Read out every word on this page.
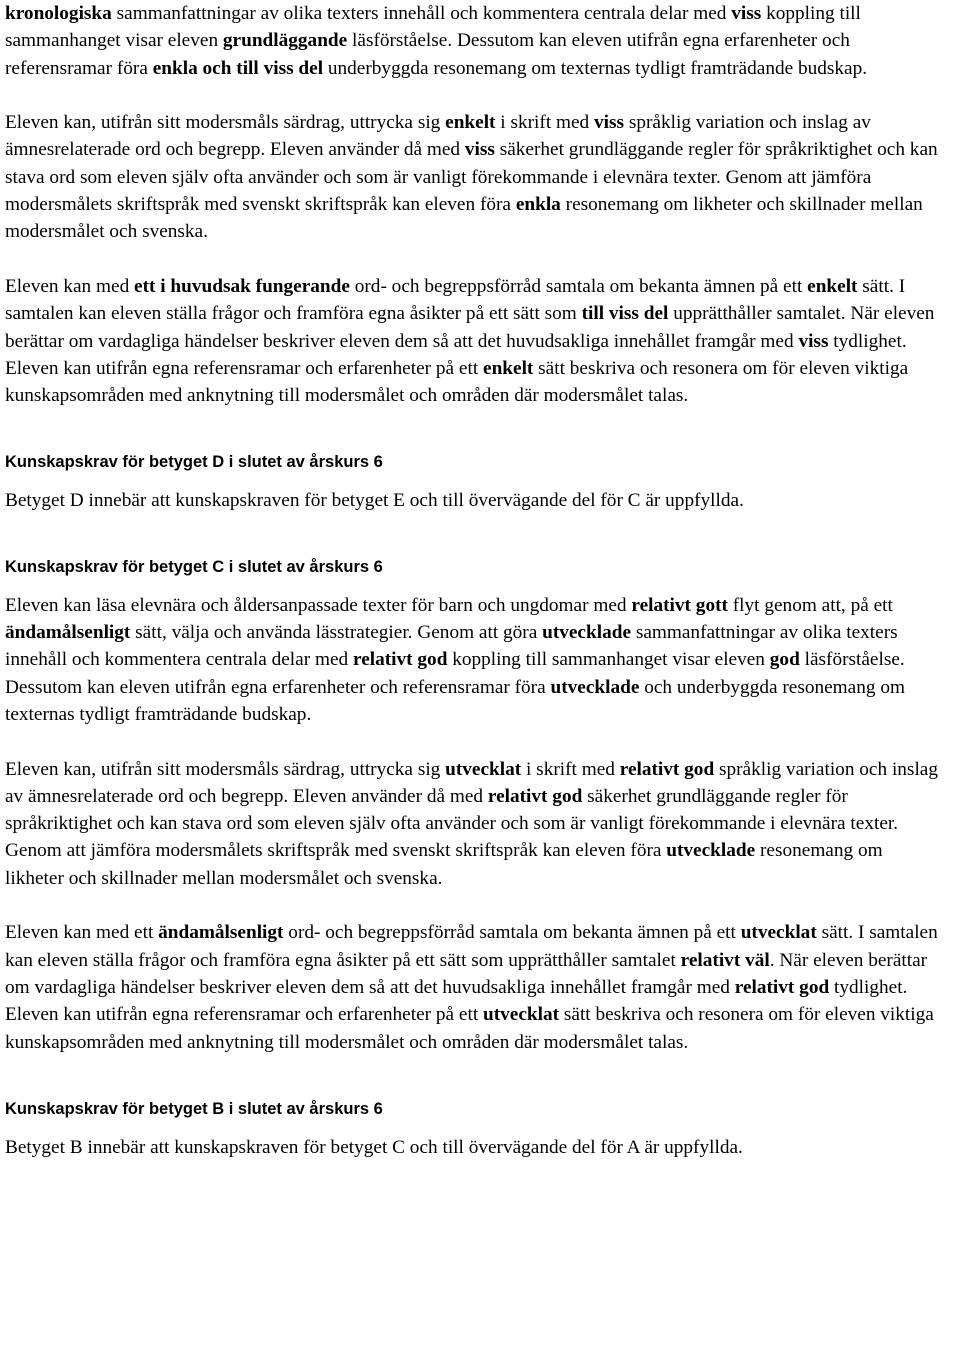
kronologiska sammanfattningar av olika texters innehåll och kommentera centrala delar med viss koppling till sammanhanget visar eleven grundläggande läsförståelse. Dessutom kan eleven utifrån egna erfarenheter och referensramar föra enkla och till viss del underbyggda resonemang om texternas tydligt framträdande budskap.

Eleven kan, utifrån sitt modersmåls särdrag, uttrycka sig enkelt i skrift med viss språklig variation och inslag av ämnesrelaterade ord och begrepp. Eleven använder då med viss säkerhet grundläggande regler för språkriktighet och kan stava ord som eleven själv ofta använder och som är vanligt förekommande i elevnära texter. Genom att jämföra modersmålets skriftspråk med svenskt skriftspråk kan eleven föra enkla resonemang om likheter och skillnader mellan modersmålet och svenska.

Eleven kan med ett i huvudsak fungerande ord- och begreppsförråd samtala om bekanta ämnen på ett enkelt sätt. I samtalen kan eleven ställa frågor och framföra egna åsikter på ett sätt som till viss del upprätthåller samtalet. När eleven berättar om vardagliga händelser beskriver eleven dem så att det huvudsakliga innehållet framgår med viss tydlighet. Eleven kan utifrån egna referensramar och erfarenheter på ett enkelt sätt beskriva och resonera om för eleven viktiga kunskapsområden med anknytning till modersmålet och områden där modersmålet talas.

Kunskapskrav för betyget D i slutet av årskurs 6

Betyget D innebär att kunskapskraven för betyget E och till övervägande del för C är uppfyllda.

Kunskapskrav för betyget C i slutet av årskurs 6

Eleven kan läsa elevnära och åldersanpassade texter för barn och ungdomar med relativt gott flyt genom att, på ett ändamålsenligt sätt, välja och använda lässtrategier. Genom att göra utvecklade sammanfattningar av olika texters innehåll och kommentera centrala delar med relativt god koppling till sammanhanget visar eleven god läsförståelse. Dessutom kan eleven utifrån egna erfarenheter och referensramar föra utvecklade och underbyggda resonemang om texternas tydligt framträdande budskap.

Eleven kan, utifrån sitt modersmåls särdrag, uttrycka sig utvecklat i skrift med relativt god språklig variation och inslag av ämnesrelaterade ord och begrepp. Eleven använder då med relativt god säkerhet grundläggande regler för språkriktighet och kan stava ord som eleven själv ofta använder och som är vanligt förekommande i elevnära texter. Genom att jämföra modersmålets skriftspråk med svenskt skriftspråk kan eleven föra utvecklade resonemang om likheter och skillnader mellan modersmålet och svenska.

Eleven kan med ett ändamålsenligt ord- och begreppsförråd samtala om bekanta ämnen på ett utvecklat sätt. I samtalen kan eleven ställa frågor och framföra egna åsikter på ett sätt som upprätthåller samtalet relativt väl. När eleven berättar om vardagliga händelser beskriver eleven dem så att det huvudsakliga innehållet framgår med relativt god tydlighet. Eleven kan utifrån egna referensramar och erfarenheter på ett utvecklat sätt beskriva och resonera om för eleven viktiga kunskapsområden med anknytning till modersmålet och områden där modersmålet talas.

Kunskapskrav för betyget B i slutet av årskurs 6

Betyget B innebär att kunskapskraven för betyget C och till övervägande del för A är uppfyllda.
